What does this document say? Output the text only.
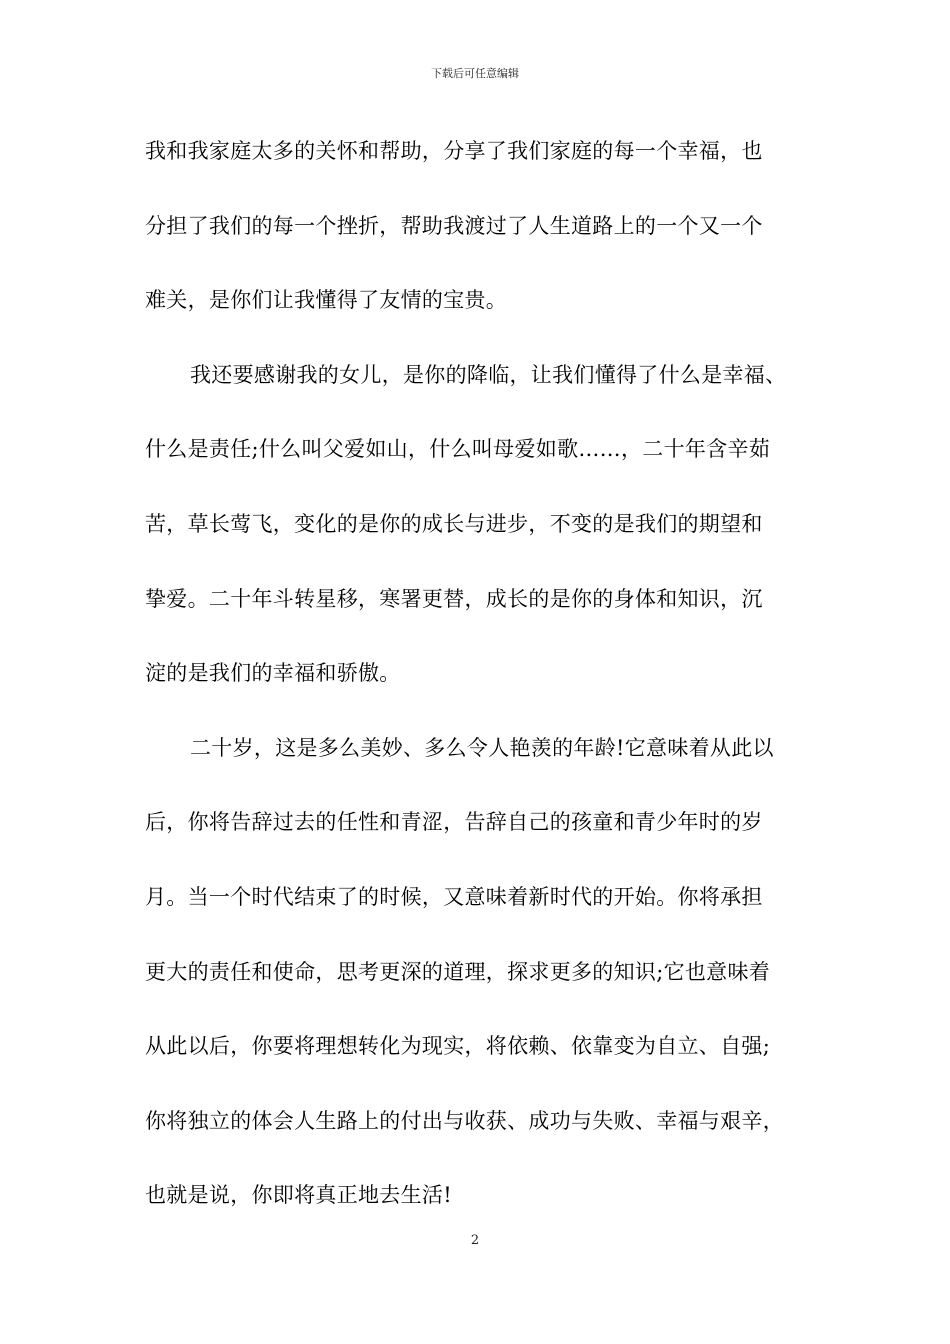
下载后可任意编辑
我和我家庭太多的关怀和帮助，分享了我们家庭的每一个幸福，也
分担了我们的每一个挫折，帮助我渡过了人生道路上的一个又一个
难关，是你们让我懂得了友情的宝贵。
我还要感谢我的女儿，是你的降临，让我们懂得了什么是幸福、
什么是责任;什么叫父爱如山，什么叫母爱如歌……，二十年含辛茹
苦，草长莺飞，变化的是你的成长与进步，不变的是我们的期望和
挚爱。二十年斗转星移，寒署更替，成长的是你的身体和知识，沉
淀的是我们的幸福和骄傲。
二十岁，这是多么美妙、多么令人艳羡的年龄!它意味着从此以
后，你将告辞过去的任性和青涩，告辞自己的孩童和青少年时的岁
月。当一个时代结束了的时候，又意味着新时代的开始。你将承担
更大的责任和使命，思考更深的道理，探求更多的知识;它也意味着
从此以后，你要将理想转化为现实，将依赖、依靠变为自立、自强;
你将独立的体会人生路上的付出与收获、成功与失败、幸福与艰辛，
也就是说，你即将真正地去生活!
2
